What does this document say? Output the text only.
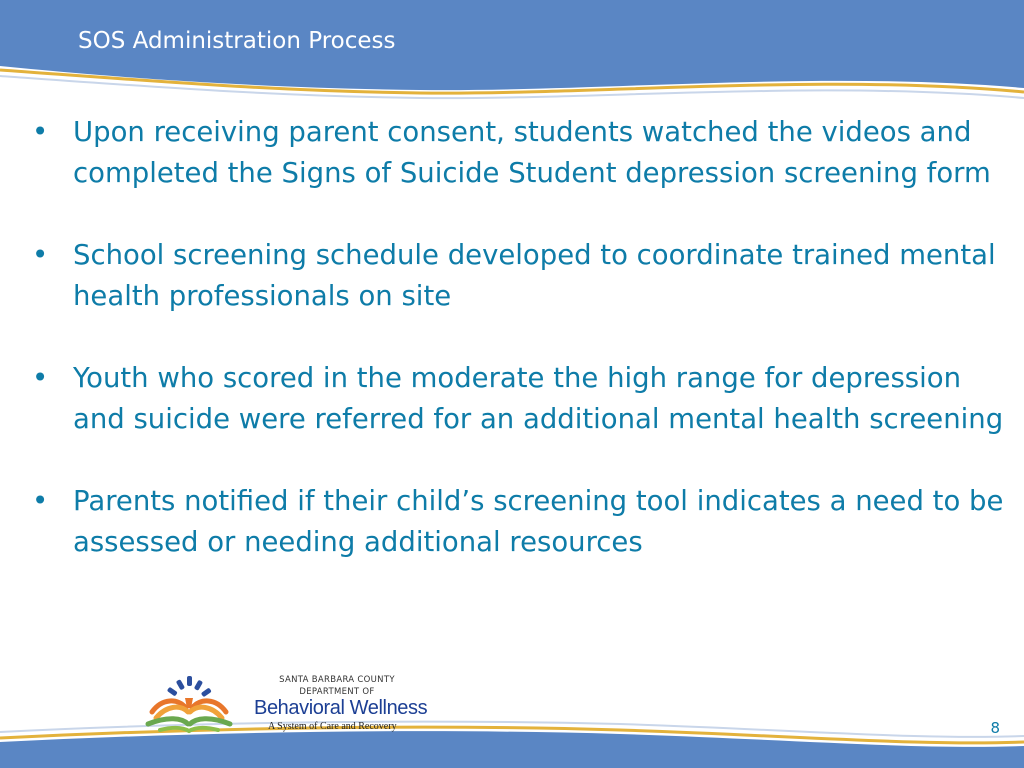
SOS Administration Process
• Upon receiving parent consent, students watched the videos and completed the Signs of Suicide Student depression screening form
• School screening schedule developed to coordinate trained mental health professionals on site
• Youth who scored in the moderate the high range for depression and suicide were referred for an additional mental health screening
• Parents notified if their child’s screening tool indicates a need to be assessed or needing additional resources
SANTA BARBARA COUNTY
DEPARTMENT OF
Behavioral Wellness
A System of Care and Recovery	8
